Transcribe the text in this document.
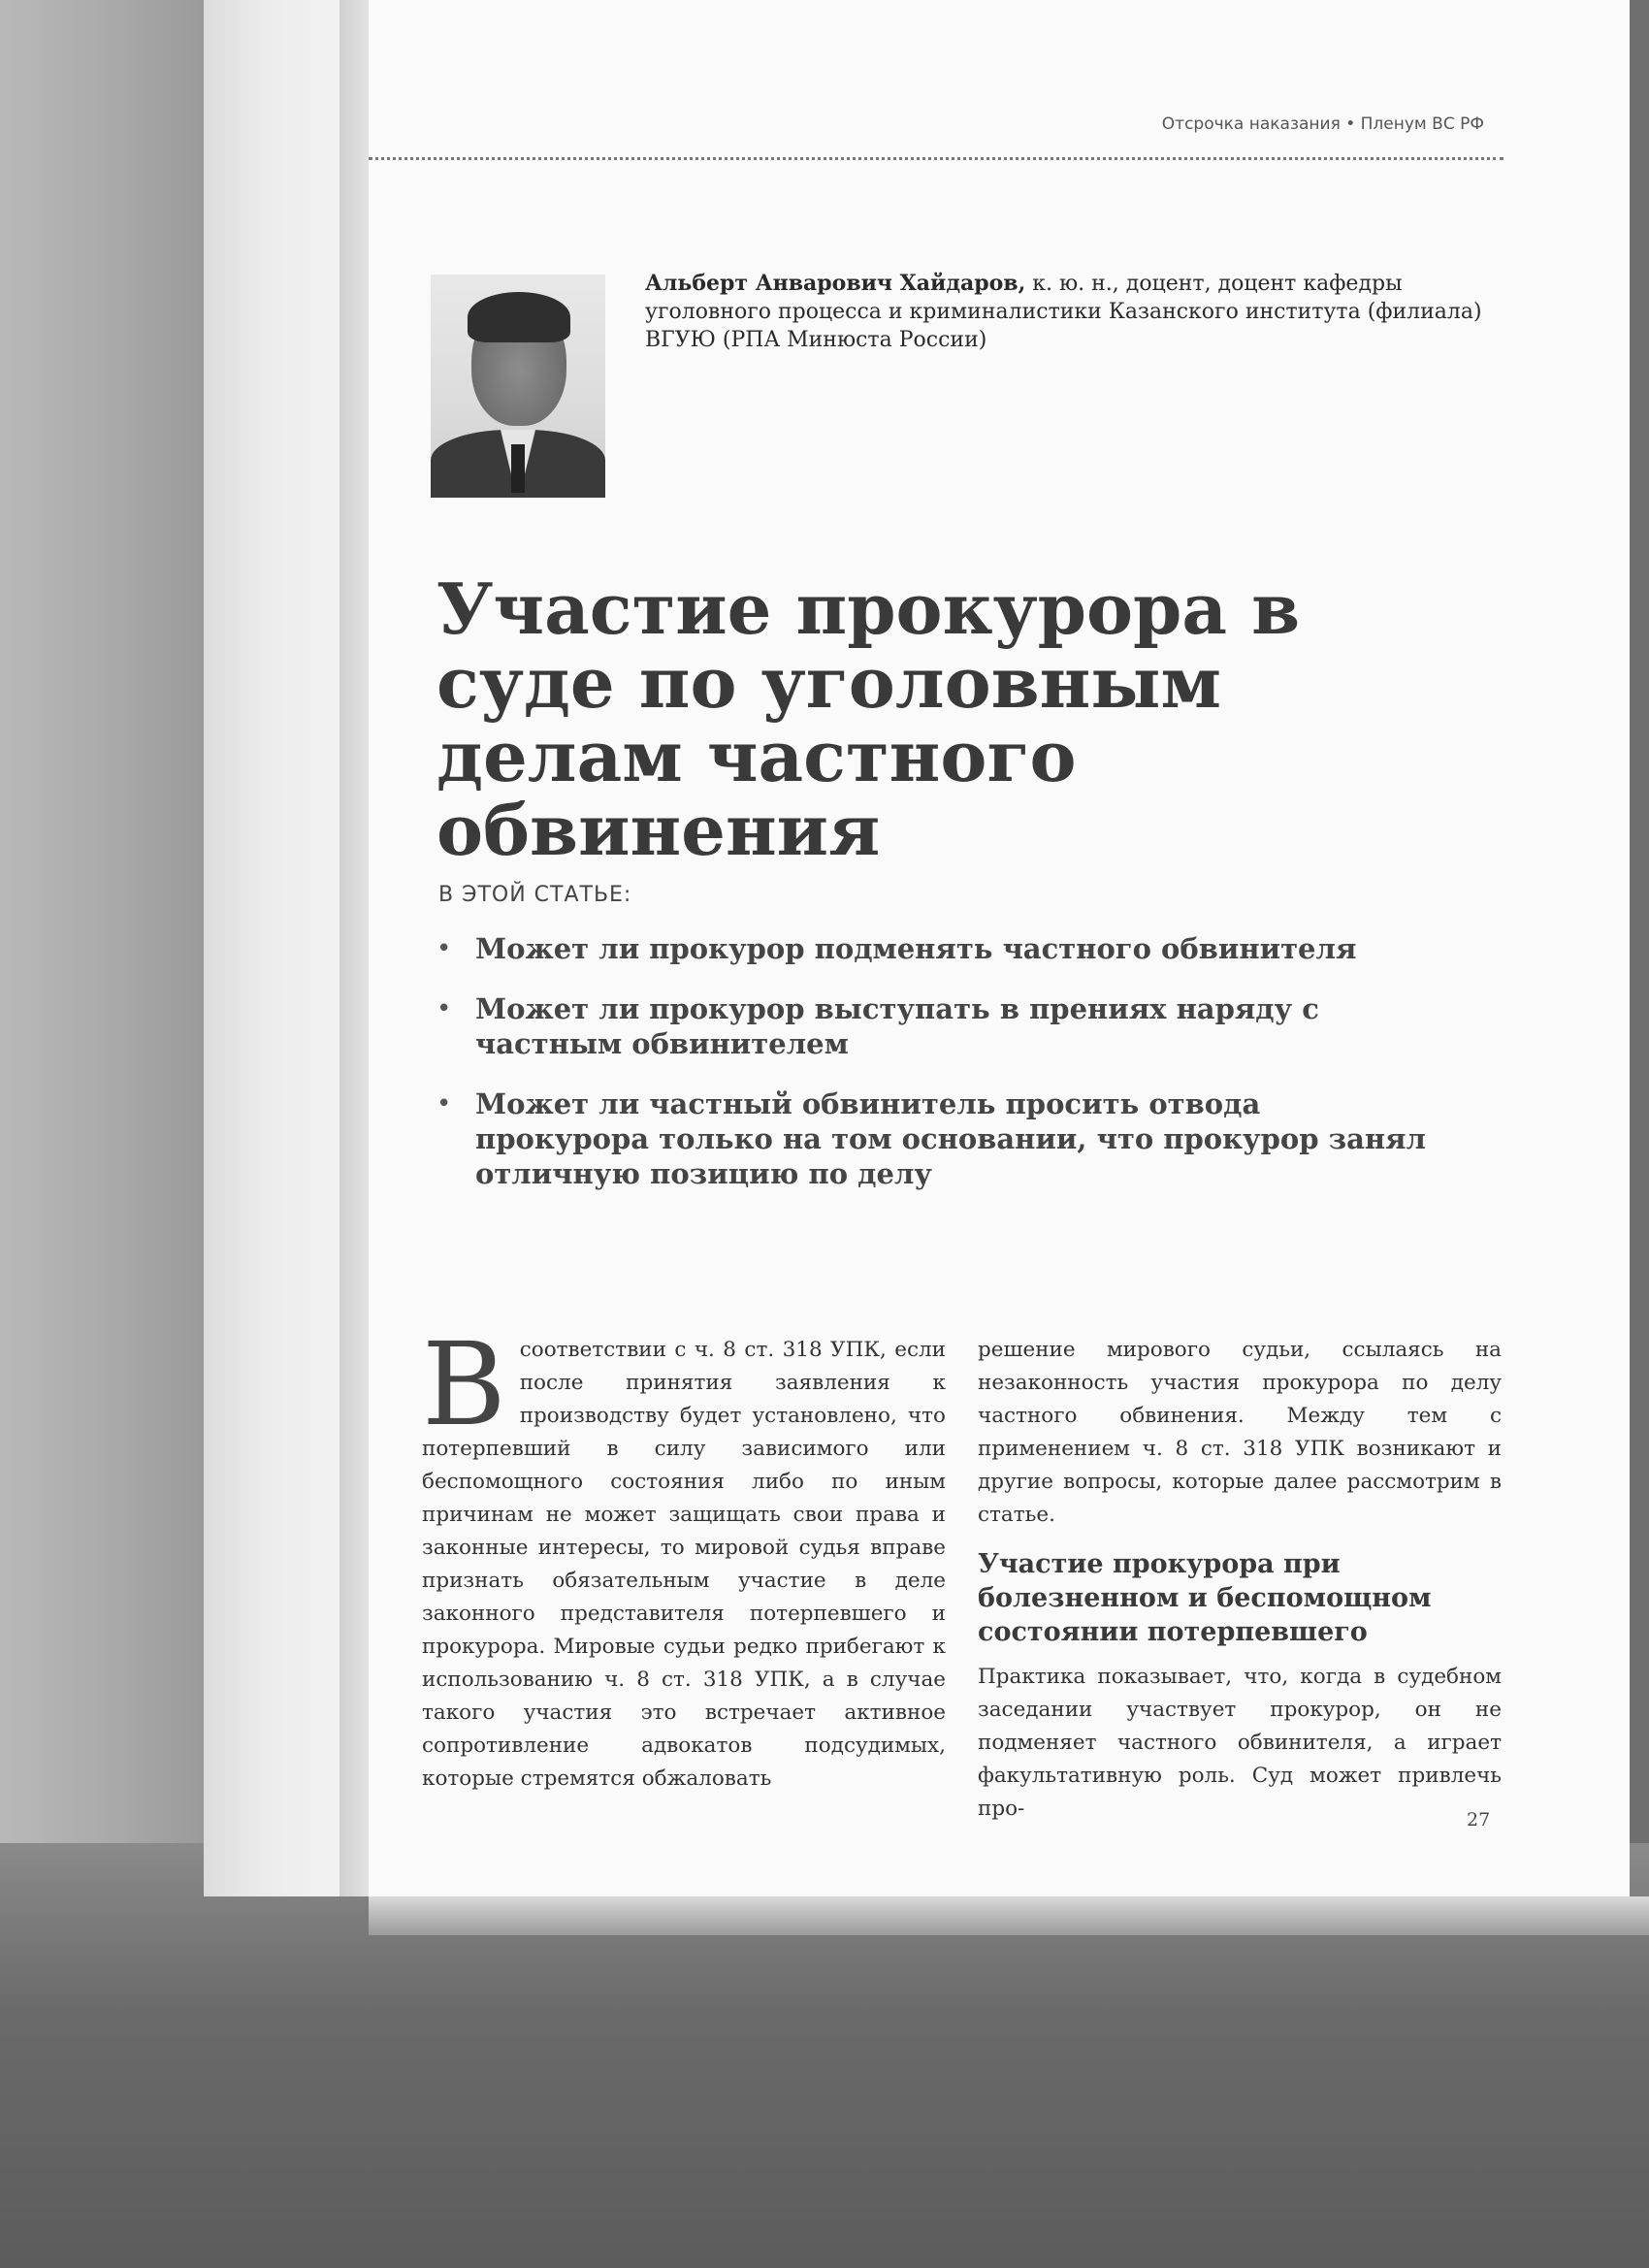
Отсрочка наказания • Пленум ВС РФ
Альберт Анварович Хайдаров, к. ю. н., доцент, доцент кафедры уголовного процесса и криминалистики Казанского института (филиала) ВГУЮ (РПА Минюста России)
Участие прокурора в суде по уголовным делам частного обвинения
В ЭТОЙ СТАТЬЕ:
• Может ли прокурор подменять частного обвинителя
• Может ли прокурор выступать в прениях наряду с частным обвинителем
• Может ли частный обвинитель просить отвода прокурора только на том основании, что прокурор занял отличную позицию по делу

В соответствии с ч. 8 ст. 318 УПК, если после принятия заявления к производству будет установлено, что потерпевший в силу зависимого или беспомощного состояния либо по иным причинам не может защищать свои права и законные интересы, то мировой судья вправе признать обязательным участие в деле законного представителя потерпевшего и прокурора. Мировые судьи редко прибегают к использованию ч. 8 ст. 318 УПК, а в случае такого участия это встречает активное сопротивление адвокатов подсудимых, которые стремятся обжаловать

решение мирового судьи, ссылаясь на незаконность участия прокурора по делу частного обвинения. Между тем с применением ч. 8 ст. 318 УПК возникают и другие вопросы, которые далее рассмотрим в статье.

Участие прокурора при болезненном и беспомощном состоянии потерпевшего

Практика показывает, что, когда в судебном заседании участвует прокурор, он не подменяет частного обвинителя, а играет факультативную роль. Суд может привлечь про-	27
